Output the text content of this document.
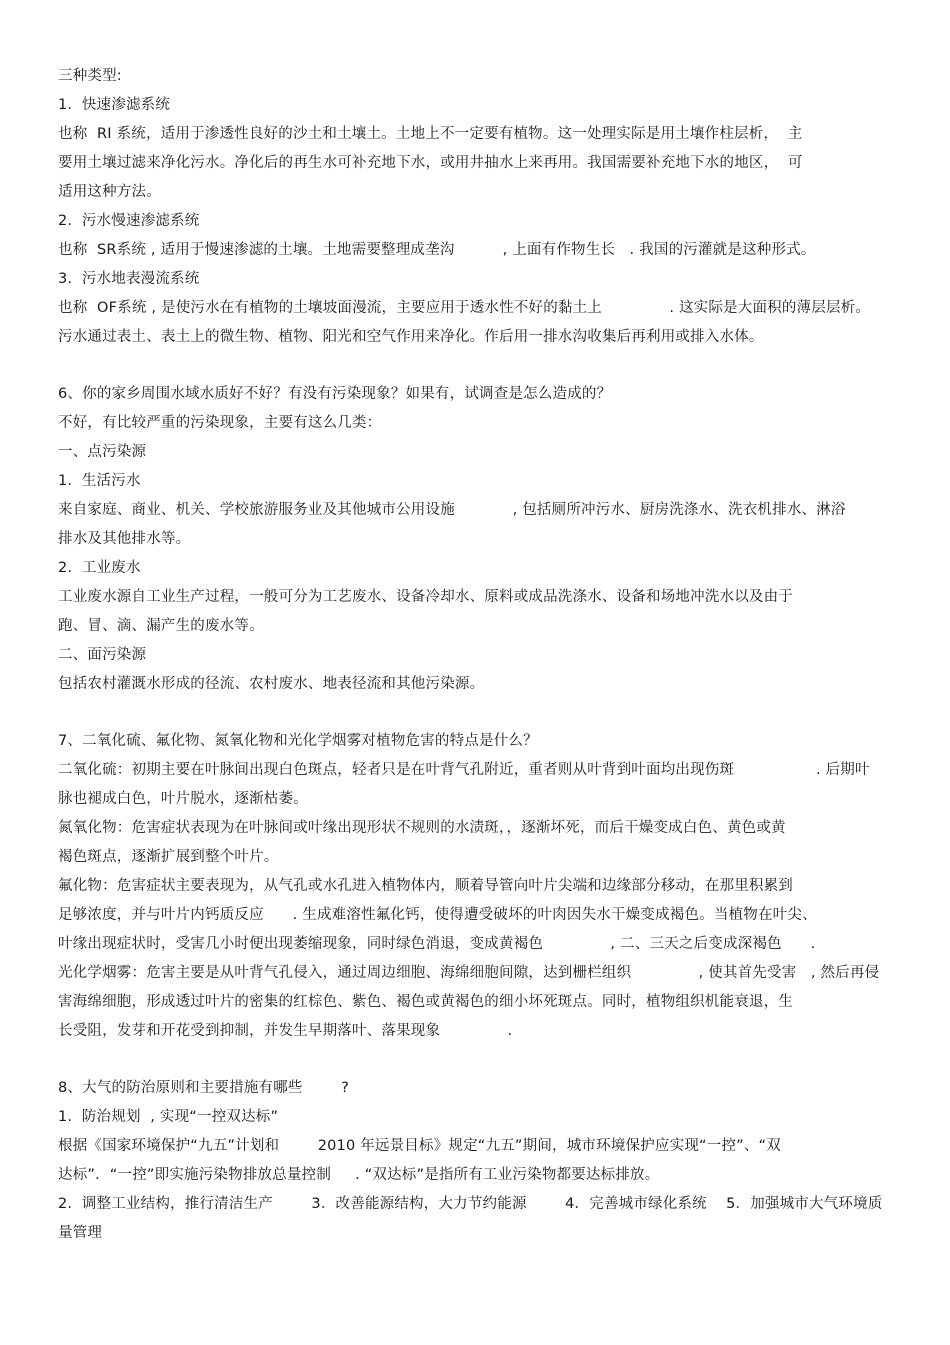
三种类型:
1.  快速渗滤系统
也称  RI 系统，适用于渗透性良好的沙土和土壤土。土地上不一定要有植物。这一处理实际是用土壤作柱层析，  主
要用土壤过滤来净化污水。净化后的再生水可补充地下水，或用井抽水上来再用。我国需要补充地下水的地区，  可
适用这种方法。
2.  污水慢速渗滤系统
也称  SR系统 , 适用于慢速渗滤的土壤。土地需要整理成垄沟          , 上面有作物生长   . 我国的污灌就是这种形式。
3.  污水地表漫流系统
也称  OF系统 , 是使污水在有植物的土壤坡面漫流，主要应用于透水性不好的黏土上              . 这实际是大面积的薄层层析。
污水通过表土、表土上的微生物、植物、阳光和空气作用来净化。作后用一排水沟收集后再利用或排入水体。
6、你的家乡周围水域水质好不好？有没有污染现象？如果有，试调查是怎么造成的？
不好，有比较严重的污染现象，主要有这么几类：
一、点污染源
1.  生活污水
来自家庭、商业、机关、学校旅游服务业及其他城市公用设施            , 包括厕所冲污水、厨房洗涤水、洗衣机排水、淋浴
排水及其他排水等。
2.  工业废水
工业废水源自工业生产过程，一般可分为工艺废水、设备冷却水、原料或成品洗涤水、设备和场地冲洗水以及由于
跑、冒、滴、漏产生的废水等。
二、面污染源
包括农村灌溉水形成的径流、农村废水、地表径流和其他污染源。
7、二氧化硫、氟化物、氮氧化物和光化学烟雾对植物危害的特点是什么？
二氧化硫：初期主要在叶脉间出现白色斑点，轻者只是在叶背气孔附近，重者则从叶背到叶面均出现伤斑                 . 后期叶
脉也褪成白色，叶片脱水，逐渐枯萎。
氮氧化物：危害症状表现为在叶脉间或叶缘出现形状不规则的水渍斑，，逐渐坏死，而后干燥变成白色、黄色或黄
褐色斑点，逐渐扩展到整个叶片。
氟化物：危害症状主要表现为，从气孔或水孔进入植物体内，顺着导管向叶片尖端和边缘部分移动，在那里积累到
足够浓度，并与叶片内钙质反应      . 生成难溶性氟化钙，使得遭受破坏的叶肉因失水干燥变成褐色。当植物在叶尖、
叶缘出现症状时，受害几小时便出现萎缩现象，同时绿色消退，变成黄褐色              , 二、三天之后变成深褐色      .
光化学烟雾：危害主要是从叶背气孔侵入，通过周边细胞、海绵细胞间隙，达到栅栏组织              , 使其首先受害   , 然后再侵
害海绵细胞，形成透过叶片的密集的红棕色、紫色、褐色或黄褐色的细小坏死斑点。同时，植物组织机能衰退，生
长受阻，发芽和开花受到抑制，并发生早期落叶、落果现象              .
8、大气的防治原则和主要措施有哪些        ?
1.  防治规划  , 实现“一控双达标”
根据《国家环境保护“九五”计划和        2010 年远景目标》规定“九五”期间，城市环境保护应实现“一控”、“双
达标”．“一控”即实施污染物排放总量控制     . “双达标”是指所有工业污染物都要达标排放。
2.  调整工业结构，推行清洁生产        3．改善能源结构，大力节约能源        4．完善城市绿化系统    5．加强城市大气环境质
量管理
